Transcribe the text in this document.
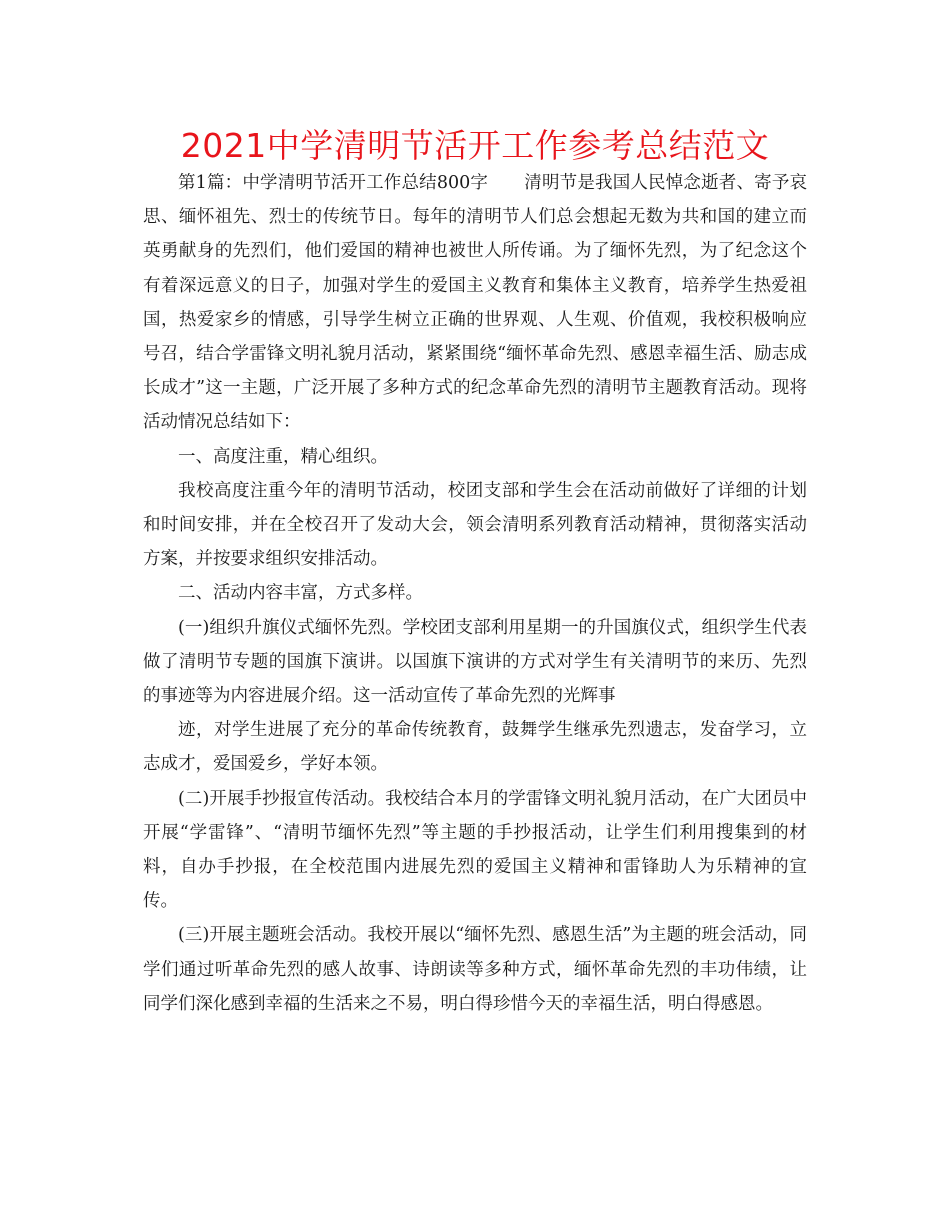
2021中学清明节活开工作参考总结范文

第1篇：中学清明节活开工作总结800字 清明节是我国人民悼念逝者、寄予哀思、缅怀祖先、烈士的传统节日。每年的清明节人们总会想起无数为共和国的建立而英勇献身的先烈们，他们爱国的精神也被世人所传诵。为了缅怀先烈，为了纪念这个有着深远意义的日子，加强对学生的爱国主义教育和集体主义教育，培养学生热爱祖国，热爱家乡的情感，引导学生树立正确的世界观、人生观、价值观，我校积极响应号召，结合学雷锋文明礼貌月活动，紧紧围绕“缅怀革命先烈、感恩幸福生活、励志成长成才”这一主题，广泛开展了多种方式的纪念革命先烈的清明节主题教育活动。现将活动情况总结如下：

一、高度注重，精心组织。

我校高度注重今年的清明节活动，校团支部和学生会在活动前做好了详细的计划和时间安排，并在全校召开了发动大会，领会清明系列教育活动精神，贯彻落实活动方案，并按要求组织安排活动。

二、活动内容丰富，方式多样。

(一)组织升旗仪式缅怀先烈。学校团支部利用星期一的升国旗仪式，组织学生代表做了清明节专题的国旗下演讲。以国旗下演讲的方式对学生有关清明节的来历、先烈的事迹等为内容进展介绍。这一活动宣传了革命先烈的光辉事

迹，对学生进展了充分的革命传统教育，鼓舞学生继承先烈遗志，发奋学习，立志成才，爱国爱乡，学好本领。

(二)开展手抄报宣传活动。我校结合本月的学雷锋文明礼貌月活动，在广大团员中开展“学雷锋”、“清明节缅怀先烈”等主题的手抄报活动，让学生们利用搜集到的材料，自办手抄报，在全校范围内进展先烈的爱国主义精神和雷锋助人为乐精神的宣传。

(三)开展主题班会活动。我校开展以“缅怀先烈、感恩生活”为主题的班会活动，同学们通过听革命先烈的感人故事、诗朗读等多种方式，缅怀革命先烈的丰功伟绩，让同学们深化感到幸福的生活来之不易，明白得珍惜今天的幸福生活，明白得感恩。
